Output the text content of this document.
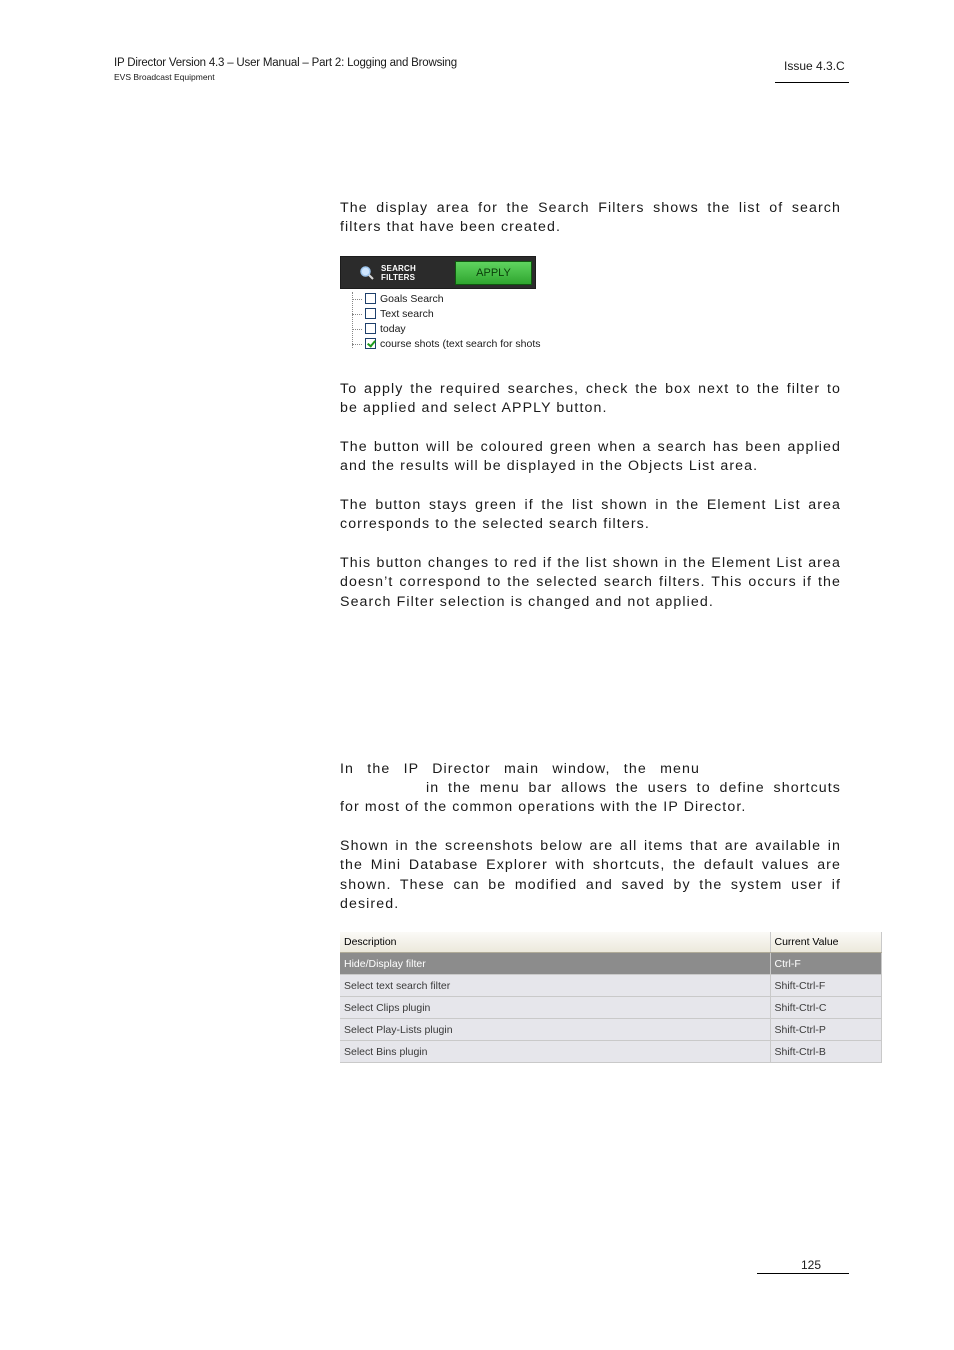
IP Director Version 4.3 – User Manual – Part 2: Logging and Browsing
EVS Broadcast Equipment
Issue 4.3.C

The display area for the Search Filters shows the list of search filters that have been created.

SEARCH
FILTERS	APPLY
Goals Search
Text search
today
course shots (text search for shots

To apply the required searches, check the box next to the filter to be applied and select APPLY button.

The button will be coloured green when a search has been applied and the results will be displayed in the Objects List area.

The button stays green if the list shown in the Element List area corresponds to the selected search filters.

This button changes to red if the list shown in the Element List area doesn’t correspond to the selected search filters. This occurs if the Search Filter selection is changed and not applied.

In the IP Director main window, the menu
in the menu bar allows the users to define shortcuts
for most of the common operations with the IP Director.

Shown in the screenshots below are all items that are available in the Mini Database Explorer with shortcuts, the default values are shown. These can be modified and saved by the system user if desired.

Description	Current Value
Hide/Display filter	Ctrl-F
Select text search filter	Shift-Ctrl-F
Select Clips plugin	Shift-Ctrl-C
Select Play-Lists plugin	Shift-Ctrl-P
Select Bins plugin	Shift-Ctrl-B
125
